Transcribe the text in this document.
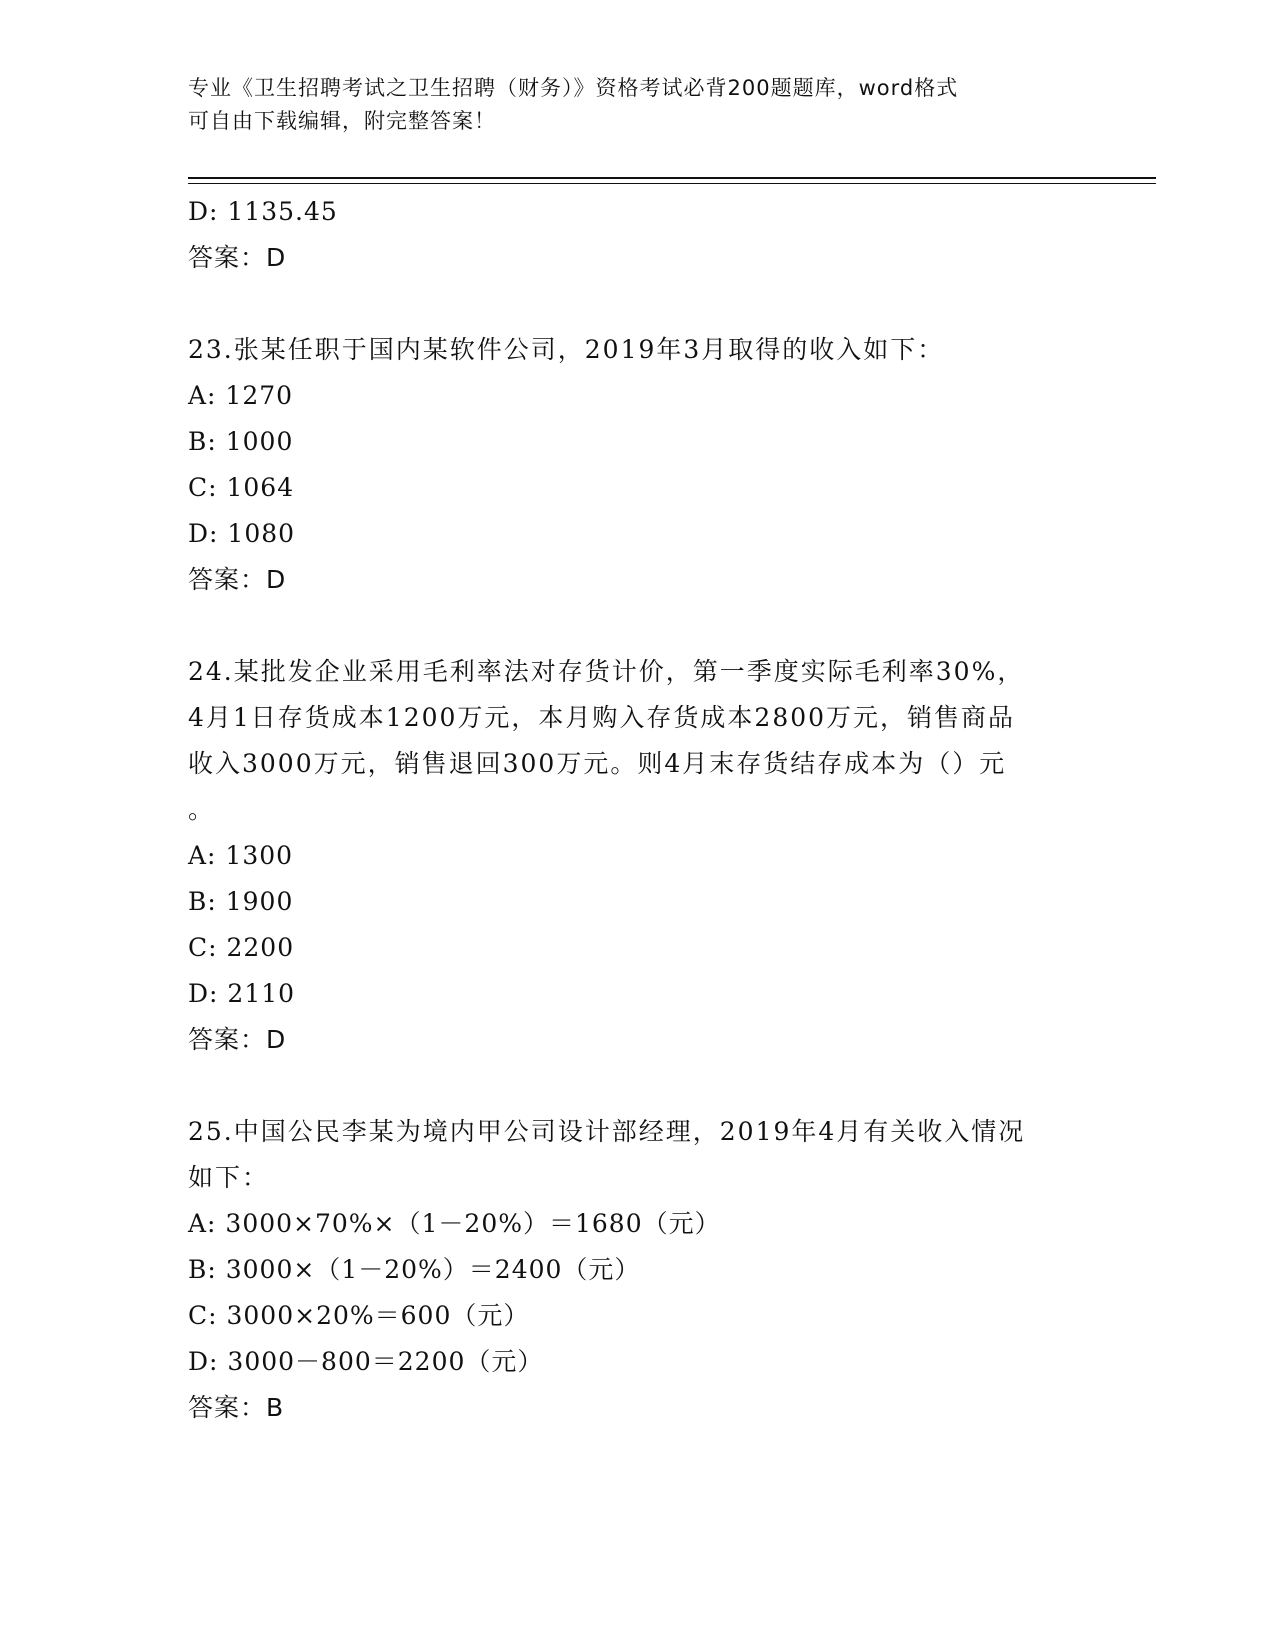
专业《卫生招聘考试之卫生招聘（财务）》资格考试必背200题题库，word格式
可自由下载编辑，附完整答案！
D: 1135.45
答案：D
23.张某任职于国内某软件公司，2019年3月取得的收入如下：
A: 1270
B: 1000
C: 1064
D: 1080
答案：D
24.某批发企业采用毛利率法对存货计价，第一季度实际毛利率30%，
4月1日存货成本1200万元，本月购入存货成本2800万元，销售商品
收入3000万元，销售退回300万元。则4月末存货结存成本为（）元
。
A: 1300
B: 1900
C: 2200
D: 2110
答案：D
25.中国公民李某为境内甲公司设计部经理，2019年4月有关收入情况
如下：
A: 3000×70%×（1－20%）＝1680（元）
B: 3000×（1－20%）＝2400（元）
C: 3000×20%＝600（元）
D: 3000－800＝2200（元）
答案：B
